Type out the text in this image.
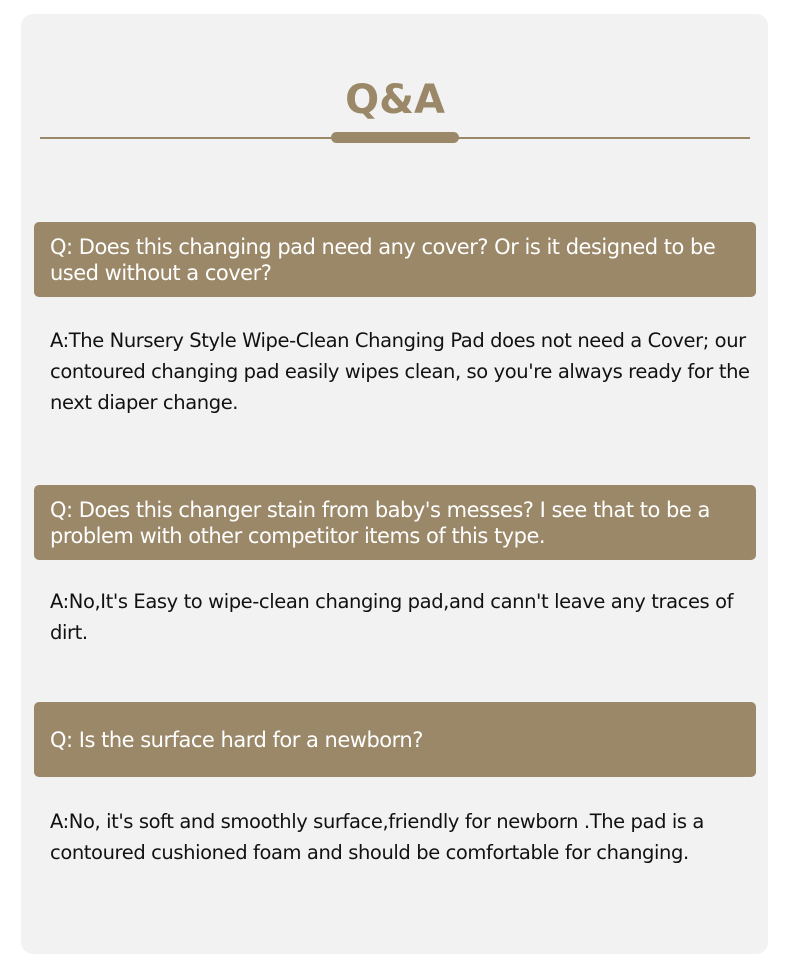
Q&A
Q: Does this changing pad need any cover? Or is it designed to be used without a cover?
A:The Nursery Style Wipe-Clean Changing Pad does not need a Cover; our contoured changing pad easily wipes clean, so you're always ready for the next diaper change.
Q: Does this changer stain from baby's messes? I see that to be a problem with other competitor items of this type.
A:No,It's Easy to wipe-clean changing pad,and cann't leave any traces of dirt.
Q: Is the surface hard for a newborn?
A:No, it's soft and smoothly surface,friendly for newborn .The pad is a contoured cushioned foam and should be comfortable for changing.
